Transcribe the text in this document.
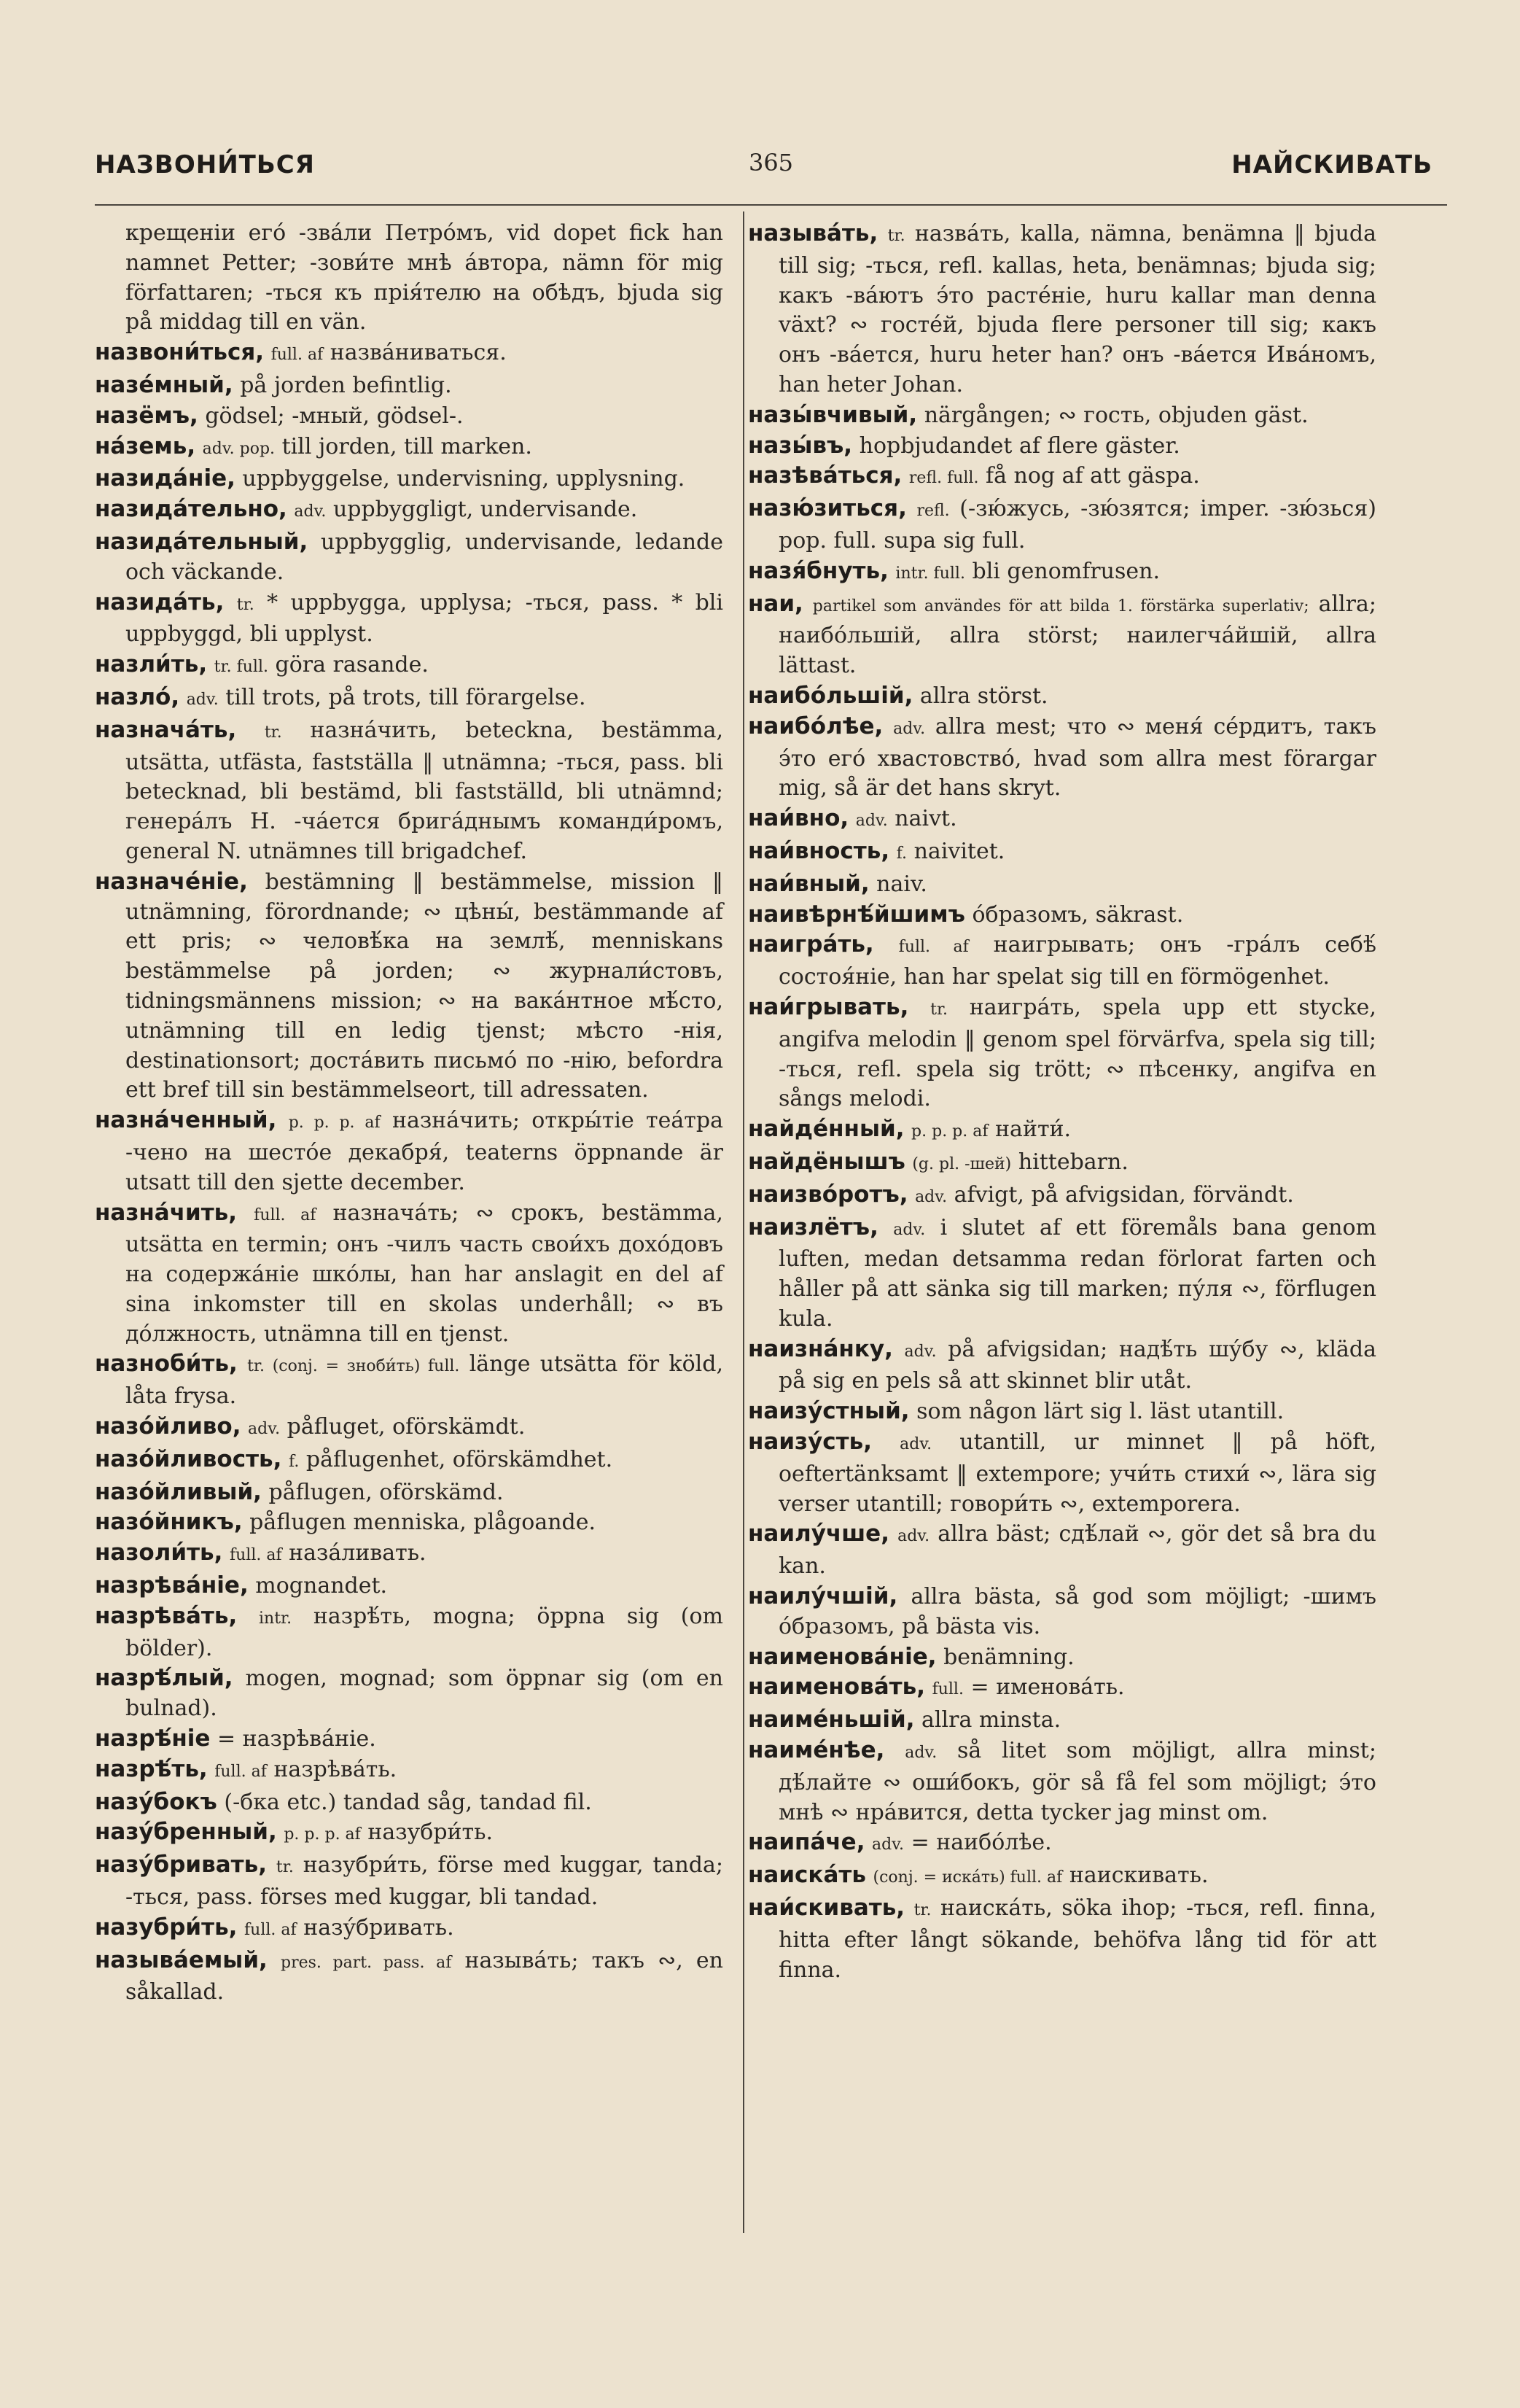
НАЗВОНИ́ТЬСЯ	365	НАЙСКИВАТЬ

крещеніи его́ -зва́ли Петро́мъ, vid dopet fick han namnet Petter; -зови́те мнѣ а́втора, nämn för mig författaren; -ться къ прія́телю на обѣдъ, bjuda sig på middag till en vän.

назвони́ться, full. af назва́ниваться.

назе́мный, på jorden befintlig.

назёмъ, gödsel; -мный, gödsel-.

на́земь, adv. pop. till jorden, till marken.

назида́ніе, uppbyggelse, undervisning, upplysning.

назида́тельно, adv. uppbyggligt, undervisande.

назида́тельный, uppbygglig, undervisande, ledande och väckande.

назида́ть, tr. * uppbygga, upplysa; -ться, pass. * bli uppbyggd, bli upplyst.

назли́ть, tr. full. göra rasande.

назло́, adv. till trots, på trots, till förargelse.

назнача́ть, tr. назна́чить, beteckna, bestämma, utsätta, utfästa, fastställa ‖ utnämna; -ться, pass. bli betecknad, bli bestämd, bli fastställd, bli utnämnd; генера́лъ Н. -ча́ется бригáднымъ команди́ромъ, general N. utnämnes till brigadchef.

назначе́ніе, bestämning ‖ bestämmelse, mission ‖ utnämning, förordnande; ∾ цѣны́, bestämmande af ett pris; ∾ человѣ́ка на землѣ́, menniskans bestämmelse på jorden; ∾ журнали́стовъ, tidningsmännens mission; ∾ на вака́нтное мѣ́сто, utnämning till en ledig tjenst; мѣсто -нія, destinationsort; доста́вить письмо́ по -нію, befordra ett bref till sin bestämmelseort, till adressaten.

назна́ченный, p. p. p. af назна́чить; откры́тіе теа́тра -чено на шесто́е декабря́, teaterns öppnande är utsatt till den sjette december.

назна́чить, full. af назнача́ть; ∾ срокъ, bestämma, utsätta en termin; онъ -чилъ часть свои́хъ дохо́довъ на содержа́ніе шко́лы, han har anslagit en del af sina inkomster till en skolas underhåll; ∾ въ до́лжность, utnämna till en tjenst.

назноби́ть, tr. (conj. = зноби́ть) full. länge utsätta för köld, låta frysa.

назо́йливо, adv. påfluget, oförskämdt.

назо́йливость, f. påflugenhet, oförskämdhet.

назо́йливый, påflugen, oförskämd.

назо́йникъ, påflugen menniska, plågoande.

назоли́ть, full. af наза́ливать.

назрѣва́ніе, mognandet.

назрѣва́ть, intr. назрѣ́ть, mogna; öppna sig (om bölder).

назрѣ́лый, mogen, mognad; som öppnar sig (om en bulnad).

назрѣ́ніе = назрѣва́ніе.

назрѣ́ть, full. af назрѣва́ть.

назу́бокъ (-бка etc.) tandad såg, tandad fil.

назу́бренный, p. p. p. af назубри́ть.

назу́бривать, tr. назубри́ть, förse med kuggar, tanda; -ться, pass. förses med kuggar, bli tandad.

назубри́ть, full. af назу́бривать.

называ́емый, pres. part. pass. af называ́ть; такъ ∾, en såkallad.

называ́ть, tr. назва́ть, kalla, nämna, benämna ‖ bjuda till sig; -ться, refl. kallas, heta, benämnas; bjuda sig; какъ -ва́ютъ э́то расте́ніе, huru kallar man denna växt? ∾ госте́й, bjuda flere personer till sig; какъ онъ -ва́ется, huru heter han? онъ -ва́ется Ива́номъ, han heter Johan.

назы́вчивый, närgången; ∾ гость, objuden gäst.

назы́въ, hopbjudandet af flere gäster.

назѣва́ться, refl. full. få nog af att gäspa.

назю́зиться, refl. (-зю́жусь, -зю́зятся; imper. -зю́зься) pop. full. supa sig full.

назя́бнуть, intr. full. bli genomfrusen.

наи, partikel som användes för att bilda 1. förstärka superlativ; allra; наибо́льшій, allra störst; наилегча́йшій, allra lättast.

наибо́льшій, allra störst.

наибо́лѣе, adv. allra mest; что ∾ меня́ се́рдитъ, такъ э́то его́ хвастовство́, hvad som allra mest förargar mig, så är det hans skryt.

наи́вно, adv. naivt.

наи́вность, f. naivitet.

наи́вный, naiv.

наивѣрнѣ́йшимъ о́бразомъ, säkrast.

наигра́ть, full. af наигрывать; онъ -гра́лъ себѣ́ состоя́ніе, han har spelat sig till en förmögenhet.

наи́грывать, tr. наигра́ть, spela upp ett stycke, angifva melodin ‖ genom spel förvärfva, spela sig till; -ться, refl. spela sig trött; ∾ пѣсенку, angifva en sångs melodi.

найде́нный, p. p. p. af найти́.

найдёнышъ (g. pl. -шей) hittebarn.

наизво́ротъ, adv. afvigt, på afvigsidan, förvändt.

наизлётъ, adv. i slutet af ett föremåls bana genom luften, medan detsamma redan förlorat farten och håller på att sänka sig till marken; пу́ля ∾, förflugen kula.

наизна́нку, adv. på afvigsidan; надѣ́ть шу́бу ∾, kläda på sig en pels så att skinnet blir utåt.

наизу́стный, som någon lärt sig l. läst utantill.

наизу́сть, adv. utantill, ur minnet ‖ på höft, oeftertänksamt ‖ extempore; учи́ть стихи́ ∾, lära sig verser utantill; говори́ть ∾, extemporera.

наилу́чше, adv. allra bäst; сдѣ́лай ∾, gör det så bra du kan.

наилу́чшій, allra bästa, så god som möjligt; -шимъ о́бразомъ, på bästa vis.

наименова́ніе, benämning.

наименова́ть, full. = именова́ть.

наиме́ньшій, allra minsta.

наиме́нѣе, adv. så litet som möjligt, allra minst; дѣ́лайте ∾ оши́бокъ, gör så få fel som möjligt; э́то мнѣ ∾ нра́вится, detta tycker jag minst om.

наипа́че, adv. = наибо́лѣе.

наиска́ть (conj. = иска́ть) full. af наискивать.

наи́скивать, tr. наиска́ть, söka ihop; -ться, refl. finna, hitta efter långt sökande, behöfva lång tid för att finna.
